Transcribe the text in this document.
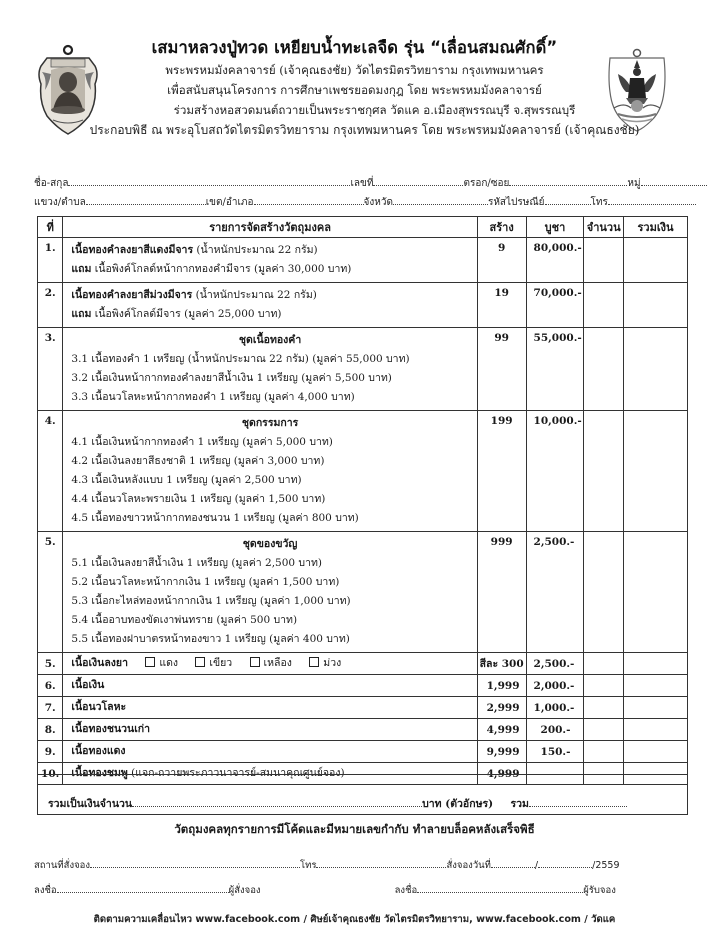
เสมาหลวงปู่ทวด เหยียบน้ำทะเลจืด รุ่น “เลื่อนสมณศักดิ์”
พระพรหมมังคลาจารย์ (เจ้าคุณธงชัย) วัดไตรมิตรวิทยาราม กรุงเทพมหานคร
เพื่อสนับสนุนโครงการ การศึกษาเพชรยอดมงกุฎ โดย พระพรหมมังคลาจารย์
ร่วมสร้างหอสวดมนต์ถวายเป็นพระราชกุศล วัดแค อ.เมืองสุพรรณบุรี จ.สุพรรณบุรี
ประกอบพิธี ณ พระอุโบสถวัดไตรมิตรวิทยาราม กรุงเทพมหานคร โดย พระพรหมมังคลาจารย์ (เจ้าคุณธงชัย)
ชื่อ-สกุล	เลขที่	ตรอก/ซอย	หมู่
แขวง/ตำบล	เขต/อำเภอ	จังหวัด	รหัสไปรษณีย์	โทร
ที่	รายการจัดสร้างวัตถุมงคล	สร้าง	บูชา	จำนวน	รวมเงิน
1.	เนื้อทองคำลงยาสีแดงมีจาร (น้ำหนักประมาณ 22 กรัม)
แถม เนื้อพิงค์โกลด์หน้ากากทองคำมีจาร (มูลค่า 30,000 บาท)	9	80,000.-		
2.	เนื้อทองคำลงยาสีม่วงมีจาร (น้ำหนักประมาณ 22 กรัม)
แถม เนื้อพิงค์โกลด์มีจาร (มูลค่า 25,000 บาท)	19	70,000.-		
3.	ชุดเนื้อทองคำ
3.1 เนื้อทองคำ 1 เหรียญ (น้ำหนักประมาณ 22 กรัม) (มูลค่า 55,000 บาท)
3.2 เนื้อเงินหน้ากากทองคำลงยาสีน้ำเงิน 1 เหรียญ (มูลค่า 5,500 บาท)
3.3 เนื้อนวโลหะหน้ากากทองคำ 1 เหรียญ (มูลค่า 4,000 บาท)	99	55,000.-		
4.	ชุดกรรมการ
4.1 เนื้อเงินหน้ากากทองคำ 1 เหรียญ (มูลค่า 5,000 บาท)
4.2 เนื้อเงินลงยาสีธงชาติ 1 เหรียญ (มูลค่า 3,000 บาท)
4.3 เนื้อเงินหลังแบบ 1 เหรียญ (มูลค่า 2,500 บาท)
4.4 เนื้อนวโลหะพรายเงิน 1 เหรียญ (มูลค่า 1,500 บาท)
4.5 เนื้อทองขาวหน้ากากทองชนวน 1 เหรียญ (มูลค่า 800 บาท)
	199	10,000.-		
5.	ชุดของขวัญ
5.1 เนื้อเงินลงยาสีน้ำเงิน 1 เหรียญ (มูลค่า 2,500 บาท)
5.2 เนื้อนวโลหะหน้ากากเงิน 1 เหรียญ (มูลค่า 1,500 บาท)
5.3 เนื้อกะไหล่ทองหน้ากากเงิน 1 เหรียญ (มูลค่า 1,000 บาท)
5.4 เนื้ออาบทองขัดเงาพ่นทราย (มูลค่า 500 บาท)
5.5 เนื้อทองฝาบาตรหน้าทองขาว 1 เหรียญ (มูลค่า 400 บาท)
	999	2,500.-		
5.	เนื้อเงินลงยา แดง เขียว เหลือง ม่วง	สีละ 300	2,500.-		
6.	เนื้อเงิน	1,999	2,000.-		
7.	เนื้อนวโลหะ	2,999	1,000.-		
8.	เนื้อทองชนวนเก่า	4,999	200.-		
9.	เนื้อทองแดง	9,999	150.-		
10.	เนื้อทองชมพู (แจก-ถวายพระภาวนาจารย์-สมนาคุณศูนย์จอง)	4,999			
รวมเป็นเงินจำนวน	บาท (ตัวอักษร) รวม
วัตถุมงคลทุกรายการมีโค้ดและมีหมายเลขกำกับ ทำลายบล็อคหลังเสร็จพิธี
สถานที่สั่งจอง	โทร	สั่งจองวันที่	/	/2559
ลงชื่อ	ผู้สั่งจอง	ลงชื่อ	ผู้รับจอง
ติดตามความเคลื่อนไหว www.facebook.com / ศิษย์เจ้าคุณธงชัย วัดไตรมิตรวิทยาราม, www.facebook.com / วัดแค
